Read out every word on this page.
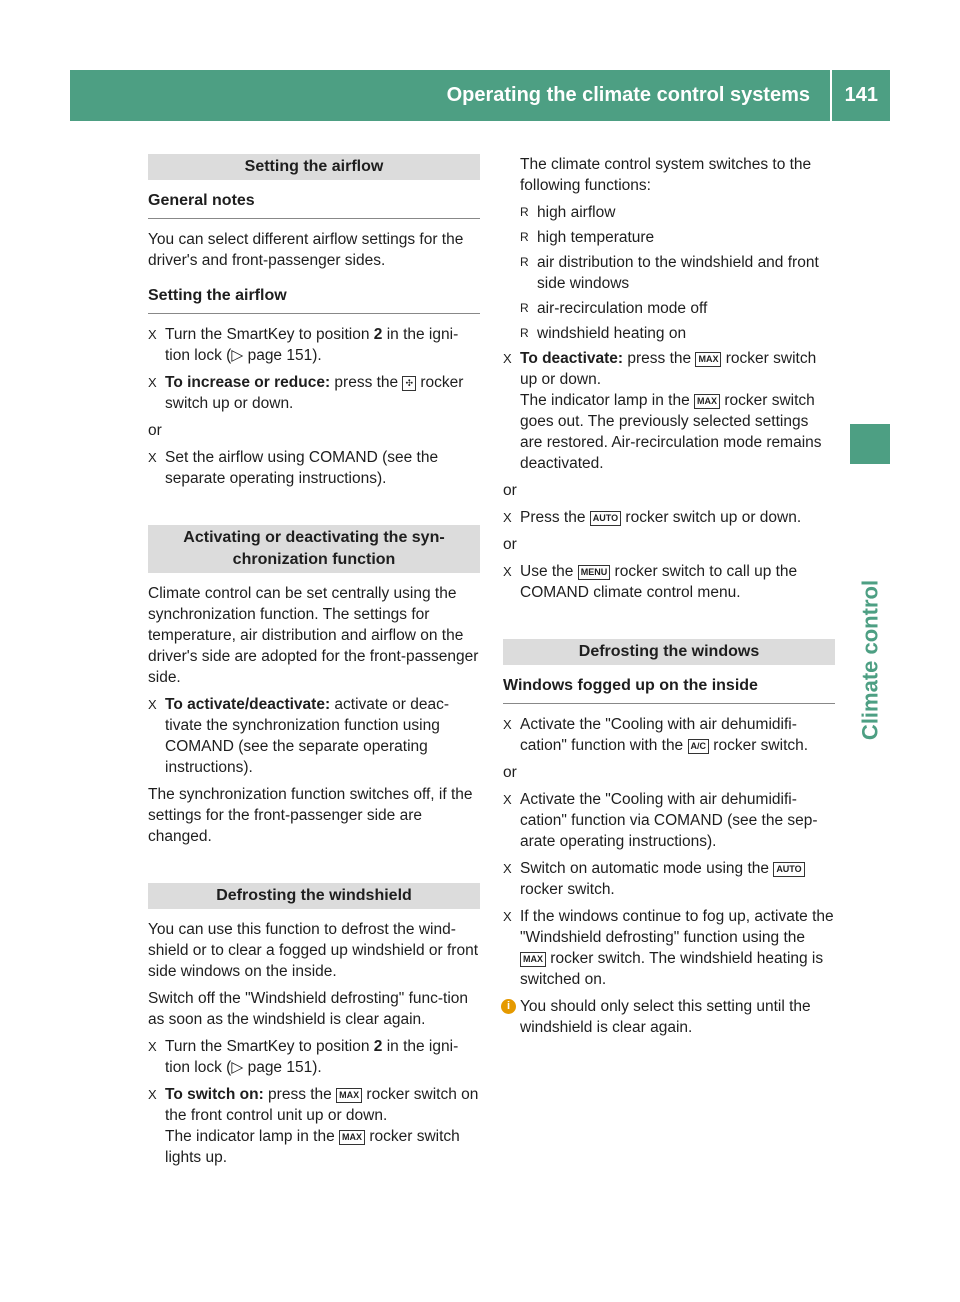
Operating the climate control systems	141
Climate control
Setting the airflow
General notes

You can select different airflow settings for the driver's and front-passenger sides.

Setting the airflow
X Turn the SmartKey to position 2 in the igni-tion lock (▷ page 151).
X To increase or reduce: press the ✣ rocker switch up or down.
or
X Set the airflow using COMAND (see the separate operating instructions).
Activating or deactivating the syn-chronization function

Climate control can be set centrally using the synchronization function. The settings for temperature, air distribution and airflow on the driver's side are adopted for the front-passenger side.

X To activate/deactivate: activate or deac-tivate the synchronization function using COMAND (see the separate operating instructions).

The synchronization function switches off, if the settings for the front-passenger side are changed.

Defrosting the windshield

You can use this function to defrost the wind-shield or to clear a fogged up windshield or front side windows on the inside.

Switch off the "Windshield defrosting" func-tion as soon as the windshield is clear again.

X Turn the SmartKey to position 2 in the igni-tion lock (▷ page 151).
X To switch on: press the MAX rocker switch on the front control unit up or down.
The indicator lamp in the MAX rocker switch lights up.

The climate control system switches to the following functions:

R high airflow
R high temperature
R air distribution to the windshield and front side windows
R air-recirculation mode off
R windshield heating on
X To deactivate: press the MAX rocker switch up or down.
The indicator lamp in the MAX rocker switch goes out. The previously selected settings are restored. Air-recirculation mode remains deactivated.
or
X Press the AUTO rocker switch up or down.
or
X Use the MENU rocker switch to call up the COMAND climate control menu.
Defrosting the windows
Windows fogged up on the inside
X Activate the "Cooling with air dehumidifi-cation" function with the A/C rocker switch.
or
X Activate the "Cooling with air dehumidifi-cation" function via COMAND (see the sep-arate operating instructions).
X Switch on automatic mode using the AUTO rocker switch.
X If the windows continue to fog up, activate the "Windshield defrosting" function using the MAX rocker switch. The windshield heating is switched on.
i You should only select this setting until the windshield is clear again.
